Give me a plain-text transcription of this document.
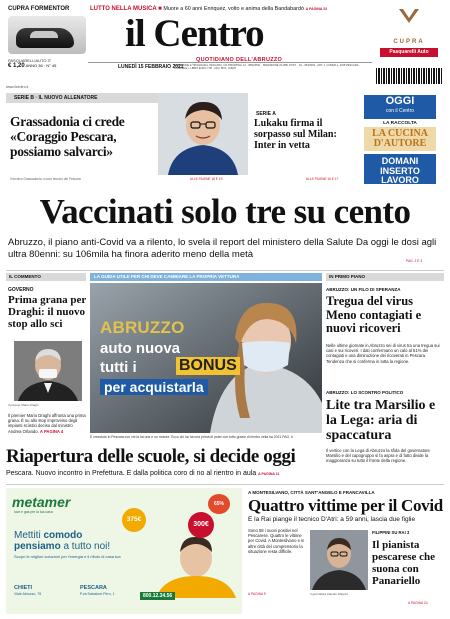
CUPRA FORMENTOR
PASQUARELLIAUTO.IT
€ 1,20 ANNO 36 · N° 45
LUTTO NELLA MUSICA ■ Muore a 60 anni Enriquez, volto e anima della Bandabardò A PAGINA 23
il Centro
QUOTIDIANO DELL'ABRUZZO
LUNEDÌ 15 FEBBRAIO 2021
REDAZIONE E TIPOGRAFIA: PESCARA, VIA TIBURTINA, 12 · 085/20521 · SPEDIZIONE IN ABB. POST. · D.L. 353/2003 · ART. 1, COMMA 1, DCB PESCARA · GIORNALE + LIBRO EURO 7,90 · ADV, BOX, CHIETI
CUPRA
Pasquarelli Auto
www.ilcentro.it
SERIE B · IL NUOVO ALLENATORE
Grassadonia ci crede «Coraggio Pescara, possiamo salvarci»
Il tecnico Grassadonia, nuovo tecnico del Pescara	ALLE PAGINE 18 E 19
SERIE A
Lukaku firma il sorpasso sul Milan: Inter in vetta
ALLE PAGINE 16 E 17
OGGI
con il Centro
LA RACCOLTA
LA CUCINA D'AUTORE
DOMANI INSERTO LAVORO
Vaccinati solo tre su cento
Abruzzo, il piano anti-Covid va a rilento, lo svela il report del ministero della Salute Da oggi le dosi agli ultra 80enni: su 106mila ha finora aderito meno della metà
PAG. 2 E 3
IL COMMENTO
GOVERNO
Prima grana per Draghi: il nuovo stop allo sci
Il premier Mario Draghi
Il premier Mario Draghi affronta una prima grana. È su allo stop improvviso degli impianti sciistici deciso dal ministro Andrea Orlando. A PAGINA 4
LA GUIDA UTILE PER CHI DEVE CAMBIARE LA PROPRIA VETTURA
ABRUZZO
auto nuova
tutti i	BONUS
per acquistarla
È cresciuto in Pescara con chi la ha una e un motore. Ecco chi ha ha una prima di poter con tutto grazie di rientro nella ha 2021 PAG. 6
Riapertura delle scuole, si decide oggi
Pescara. Nuovo incontro in Prefettura. E dalla politica coro di no al rientro in aula A PAGINA 11
IN PRIMO PIANO
ABRUZZO: UN FILO DI SPERANZA
Tregua del virus Meno contagiati e nuovi ricoveri
Nelle ultime giornate in Abruzzo sei di virus tra una tregua sui casi e sui ricoveri. I dati confermano un calo al 51% dei contagiati e una diminuzione dei ricoverati in Pescara. Tendenza che si conferma in tutta la regione.
ABRUZZO: LO SCONTRO POLITICO
Lite tra Marsilio e la Lega: aria di spaccatura
Il vertice con la Lega di Abruzzo la sfida del governatore Marsilio e del capogruppo si fa aspra e di fatto divide la maggioranza su tutto il fronte della regione.
metamer
luce e gas per la tua casa
375€
300€
65%
Mettiti comodo
pensiamo a tutto noi!
Scopri le migliori soluzioni per l'energia e il rifiuto di casa tua
CHIETI
Viale Abruzzo, 75
PESCARA
P.za Salvatore Pirro, 1	800.12.34.56
A MONTESILVANO, CITTÀ SANT'ANGELO E FRANCAVILLA
Quattro vittime per il Covid
E la Rai piange il tecnico D'Atri: a 59 anni, lascia due figlie
Sono 58 i nuovi positivi nel Pescarese. Quattro le vittime per Covid. A Montesilvano e in altre città del comprensorio la situazione resta difficile.
Il giornalista Claudio Filippini
A PAGINA 9
FILIPPINI SU RAI 3
Il pianista pescarese che suona con Panariello
A PAGINA 24
